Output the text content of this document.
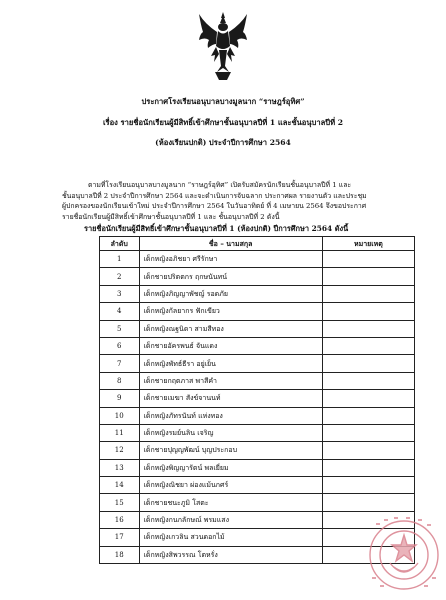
ประกาศโรงเรียนอนุบาลบางมูลนาก “ราษฎร์อุทิศ”
เรื่อง รายชื่อนักเรียนผู้มีสิทธิ์เข้าศึกษาชั้นอนุบาลปีที่ 1 และชั้นอนุบาลปีที่ 2
(ห้องเรียนปกติ) ประจำปีการศึกษา 2564
ตามที่โรงเรียนอนุบาลบางมูลนาก “ราษฎร์อุทิศ” เปิดรับสมัครนักเรียนชั้นอนุบาลปีที่ 1 และ
ชั้นอนุบาลปีที่ 2 ประจำปีการศึกษา 2564 และจะดำเนินการจับฉลาก ประกาศผล รายงานตัว และประชุม
ผู้ปกครองของนักเรียนเข้าใหม่ ประจำปีการศึกษา 2564 ในวันอาทิตย์ ที่ 4 เมษายน 2564 จึงขอประกาศ
รายชื่อนักเรียนผู้มีสิทธิ์เข้าศึกษาชั้นอนุบาลปีที่ 1 และ ชั้นอนุบาลปีที่ 2 ดังนี้
รายชื่อนักเรียนผู้มีสิทธิ์เข้าศึกษาชั้นอนุบาลปีที่ 1 (ห้องปกติ) ปีการศึกษา 2564 ดังนี้
ลำดับ	ชื่อ – นามสกุล	หมายเหตุ
1	เด็กหญิงอภิชยา ศรีรักษา	
2	เด็กชายปริตตกร ฤกษนันทน์	
3	เด็กหญิงภิญญาพัชญ์ รอดภัย	
4	เด็กหญิงกัลยากร ฟักเขียว	
5	เด็กหญิงณฐนิดา สามสีทอง	
6	เด็กชายอัครพนธ์ จันแดง	
7	เด็กหญิงพัทธ์ธีรา อยู่เย็น	
8	เด็กชายกฤตภาส พาสีคำ	
9	เด็กชายเมฆา สังข์จานนท์	
10	เด็กหญิงภัทรนันท์ แห่งทอง	
11	เด็กหญิงรมย์นลิน เจริญ	
12	เด็กชายปุญญพัฒน์ บุญประกอบ	
13	เด็กหญิงพิญญารัตน์ พลเยี่ยม	
14	เด็กหญิงณิชยา ผ่องแม้นกศร์	
15	เด็กชายชนะภูมิ โสตะ	
16	เด็กหญิงกนกลักษณ์ พรมแสง	
17	เด็กหญิงเกวลิน สวนดอกไม้	
18	เด็กหญิงสิพวรรณ โตหรั่ง	
